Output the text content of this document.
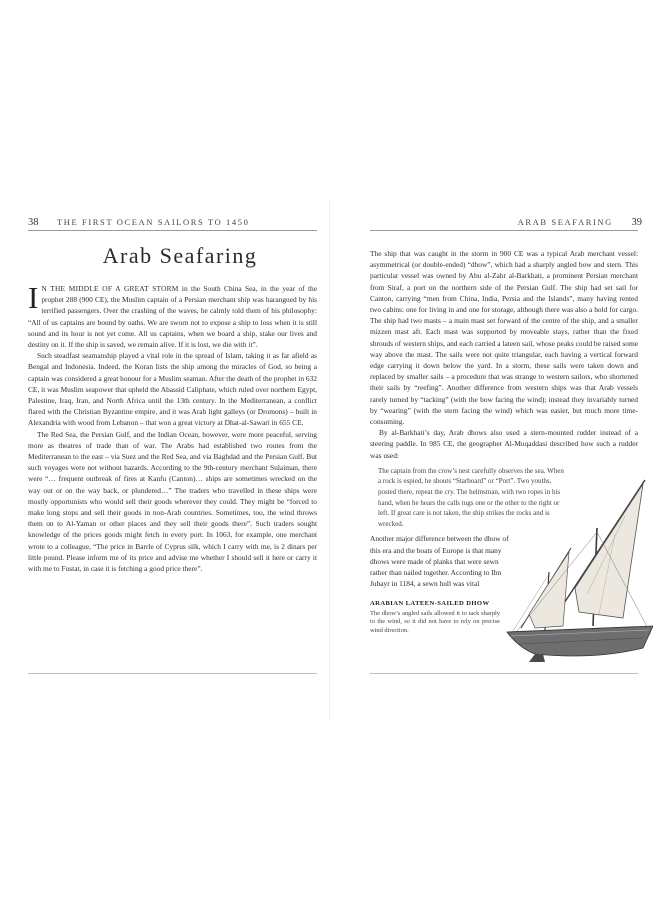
38 THE FIRST OCEAN SAILORS TO 1450
Arab Seafaring

I N THE MIDDLE OF A GREAT STORM in the South China Sea, in the year of the prophet 288 (900 CE), the Muslim captain of a Persian merchant ship was harangued by his terrified passengers. Over the crashing of the waves, he calmly told them of his philosophy: “All of us captains are bound by oaths. We are sworn not to expose a ship to loss when it is still sound and its hour is not yet come. All us captains, when we board a ship, stake our lives and destiny on it. If the ship is saved, we remain alive. If it is lost, we die with it”.

Such steadfast seamanship played a vital role in the spread of Islam, taking it as far afield as Bengal and Indonesia. Indeed, the Koran lists the ship among the miracles of God, so being a captain was considered a great honour for a Muslim seaman. After the death of the prophet in 632 CE, it was Muslim seapower that upheld the Abassid Caliphate, which ruled over northern Egypt, Palestine, Iraq, Iran, and North Africa until the 13th century. In the Mediterranean, a conflict flared with the Christian Byzantine empire, and it was Arab light galleys (or Dromons) – built in Alexandria with wood from Lebanon – that won a great victory at Dhat-al-Sawari in 655 CE.

The Red Sea, the Persian Gulf, and the Indian Ocean, however, were more peaceful, serving more as theatres of trade than of war. The Arabs had established two routes from the Mediterranean to the east – via Suez and the Red Sea, and via Baghdad and the Persian Gulf. But such voyages were not without hazards. According to the 9th-century merchant Sulaiman, there were “… frequent outbreak of fires at Kanfu (Canton)… ships are sometimes wrecked on the way out or on the way back, or plundered…” The traders who travelled in these ships were mostly opportunists who would sell their goods wherever they could. They might be “forced to make long stops and sell their goods in non-Arab countries. Sometimes, too, the wind throws them on to Al-Yaman or other places and they sell their goods there”. Such traders sought knowledge of the prices goods might fetch in every port. In 1063, for example, one merchant wrote to a colleague, “The price in Barrle of Cyprus silk, which I carry with me, is 2 dinars per little pound. Please inform me of its price and advise me whether I should sell it here or carry it with me to Fustat, in case it is fetching a good price there”.

ARAB SEAFARING 39

The ship that was caught in the storm in 900 CE was a typical Arab merchant vessel: asymmetrical (or double-ended) “dhow”, which had a sharply angled bow and stern. This particular vessel was owned by Abu al-Zahr al-Barkhati, a prominent Persian merchant from Siraf, a port on the northern side of the Persian Gulf. The ship had set sail for Canton, carrying “men from China, India, Persia and the Islands”, many having rented two cabins: one for living in and one for storage, although there was also a hold for cargo. The ship had two masts – a main mast set forward of the centre of the ship, and a smaller mizzen mast aft. Each mast was supported by moveable stays, rather than the fixed shrouds of western ships, and each carried a lateen sail, whose peaks could be raised some way above the mast. The sails were not quite triangular, each having a vertical forward edge carrying it down below the yard. In a storm, these sails were taken down and replaced by smaller sails – a procedure that was strange to western sailors, who shortened their sails by “reefing”. Another difference from western ships was that Arab vessels rarely turned by “tacking” (with the bow facing the wind); instead they invariably turned by “wearing” (with the stern facing the wind) which was easier, but much more time-consuming.

By al-Barkhati’s day, Arab dhows also used a stern-mounted rudder instead of a steering paddle. In 985 CE, the geographer Al-Muqaddasi described how such a rudder was used:

The captain from the crow’s nest carefully observes the sea. When a rock is espied, he shouts “Starboard” or “Port”. Two youths, posted there, repeat the cry. The helmsman, with two ropes in his hand, when he hears the calls tugs one or the other to the right or left. If great care is not taken, the ship strikes the rocks and is wrecked.

Another major difference between the dhow of this era and the boats of Europe is that many dhows were made of planks that were sewn rather than nailed together. According to Ibn Jubayr in 1184, a sewn hull was vital

ARABIAN LATEEN-SAILED DHOW
The dhow’s angled sails allowed it to tack sharply to the wind, so it did not have to rely on precise wind direction.
